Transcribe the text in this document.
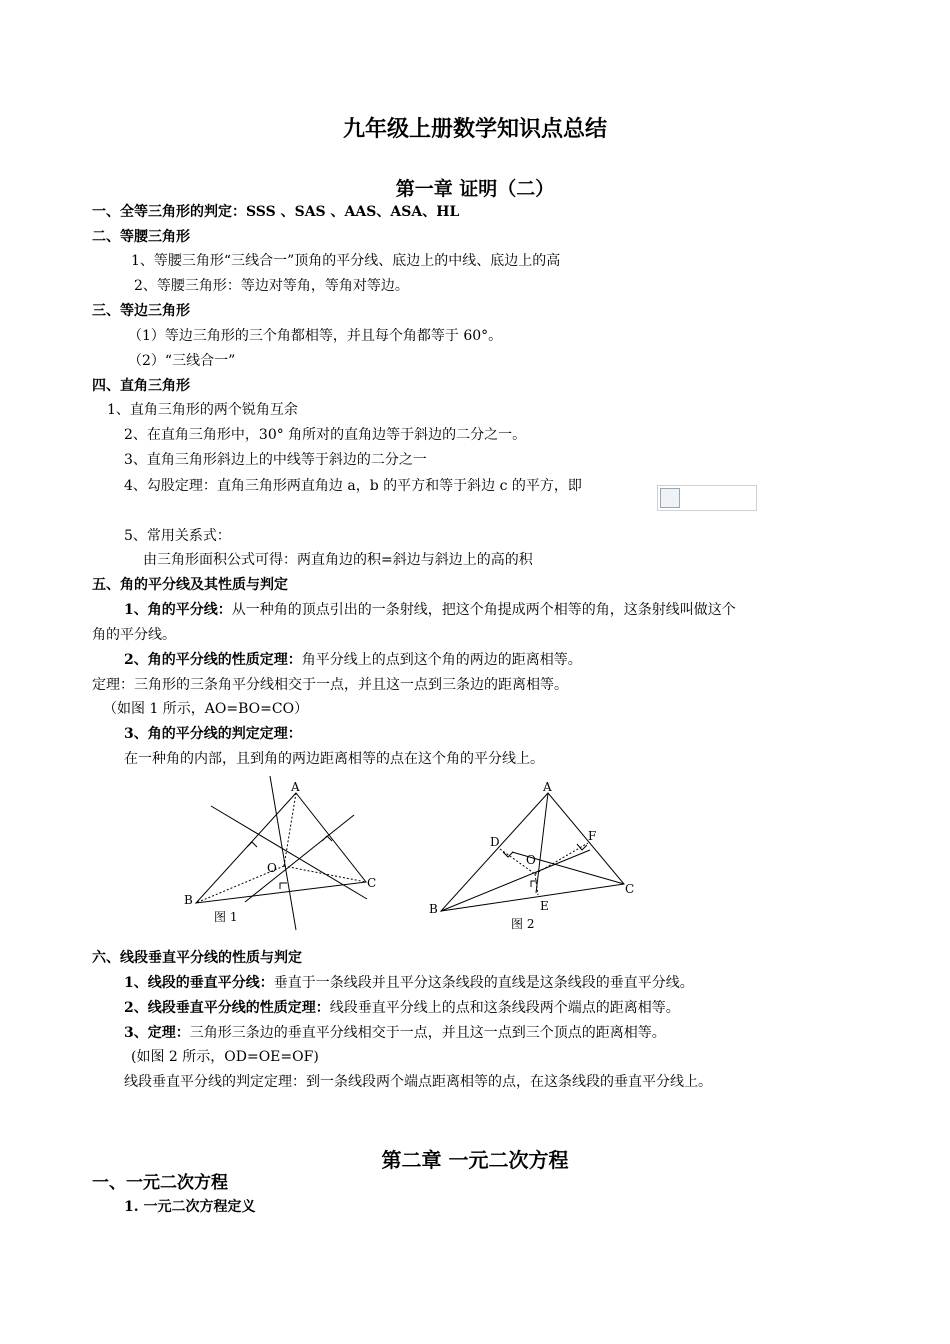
九年级上册数学知识点总结
第一章 证明（二）
一、全等三角形的判定：SSS 、SAS 、AAS、ASA、HL
二、等腰三角形
1、等腰三角形“三线合一”顶角的平分线、底边上的中线、底边上的高
2、等腰三角形：等边对等角，等角对等边。
三、等边三角形
（1）等边三角形的三个角都相等，并且每个角都等于 60°。
（2）“三线合一”
四、直角三角形
1、直角三角形的两个锐角互余
2、在直角三角形中，30° 角所对的直角边等于斜边的二分之一。
3、直角三角形斜边上的中线等于斜边的二分之一
4、勾股定理：直角三角形两直角边 a，b 的平方和等于斜边 c 的平方，即
5、常用关系式：
由三角形面积公式可得：两直角边的积=斜边与斜边上的高的积
五、角的平分线及其性质与判定
1、角的平分线：从一种角的顶点引出的一条射线，把这个角提成两个相等的角，这条射线叫做这个
角的平分线。
2、角的平分线的性质定理：角平分线上的点到这个角的两边的距离相等。
定理：三角形的三条角平分线相交于一点，并且这一点到三条边的距离相等。
（如图 1 所示，AO=BO=CO）
3、角的平分线的判定定理：
在一种角的内部，且到角的两边距离相等的点在这个角的平分线上。
A
B
C
O
图 1
A
B
C
O
D
E
F
图 2
六、线段垂直平分线的性质与判定
1、线段的垂直平分线：垂直于一条线段并且平分这条线段的直线是这条线段的垂直平分线。
2、线段垂直平分线的性质定理：线段垂直平分线上的点和这条线段两个端点的距离相等。
3、定理：三角形三条边的垂直平分线相交于一点，并且这一点到三个顶点的距离相等。
(如图 2 所示，OD=OE=OF)
线段垂直平分线的判定定理：到一条线段两个端点距离相等的点，在这条线段的垂直平分线上。
第二章 一元二次方程
一、一元二次方程
1. 一元二次方程定义
